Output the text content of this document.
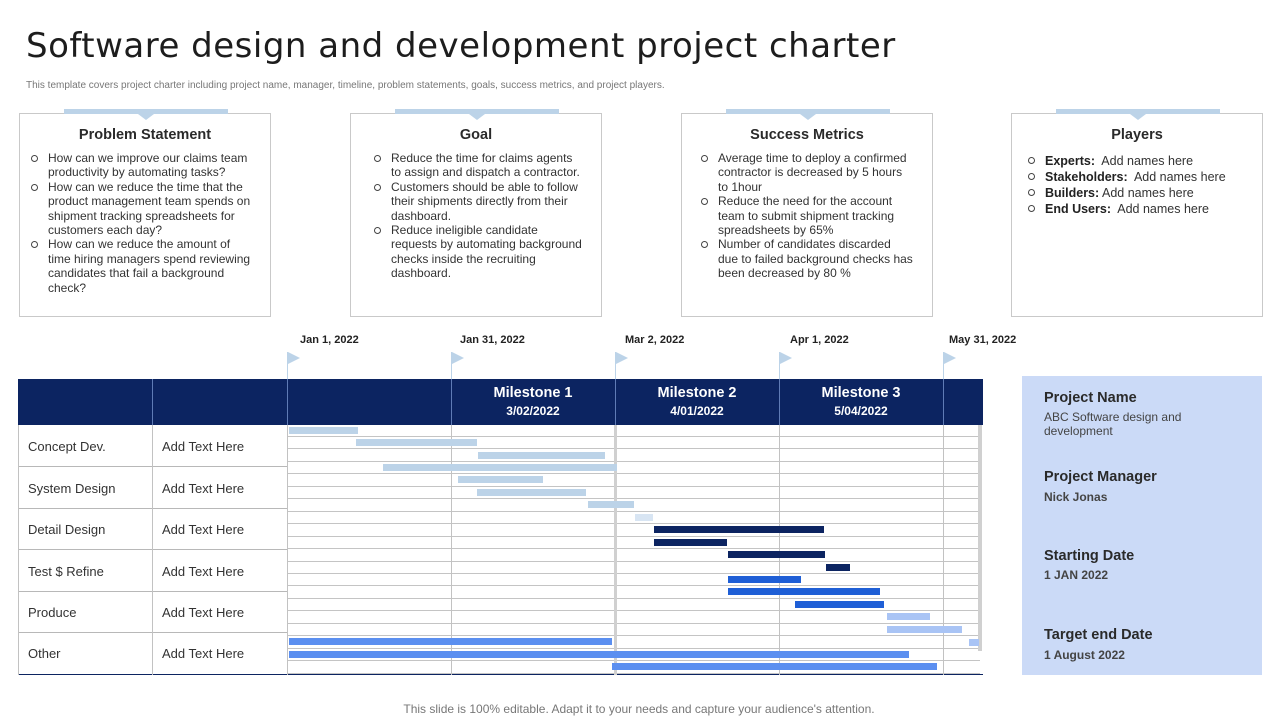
Software design and development project charter
This template covers project charter including project name, manager, timeline, problem statements, goals, success metrics, and project players.
Problem Statement
How can we improve our claims team productivity by automating tasks?
How can we reduce the time that the product management team spends on shipment tracking spreadsheets for customers each day?
How can we reduce the amount of time hiring managers spend reviewing candidates that fail a background check?
Goal
Reduce the time for claims agents to assign and dispatch a contractor.
Customers should be able to follow their shipments directly from their dashboard.
Reduce ineligible candidate requests by automating background checks inside the recruiting dashboard.
Success Metrics
Average time to deploy a confirmed contractor is decreased by 5 hours to 1hour
Reduce the need for the account team to submit shipment tracking spreadsheets by 65%
Number of candidates discarded due to failed background checks has been decreased by 80 %
Players
Experts: Add names here
Stakeholders: Add names here
Builders: Add names here
End Users: Add names here
Jan 1, 2022	Jan 31, 2022	Mar 2, 2022	Apr 1, 2022	May 31, 2022
Milestone 1
3/02/2022
Milestone 2
4/01/2022
Milestone 3
5/04/2022
Concept Dev.	Add Text Here
System Design	Add Text Here
Detail Design	Add Text Here
Test $ Refine	Add Text Here
Produce	Add Text Here
Other	Add Text Here
Project Name
ABC Software design and development
Project Manager
Nick Jonas
Starting Date
1 JAN 2022
Target end Date
1 August 2022
This slide is 100% editable. Adapt it to your needs and capture your audience's attention.
